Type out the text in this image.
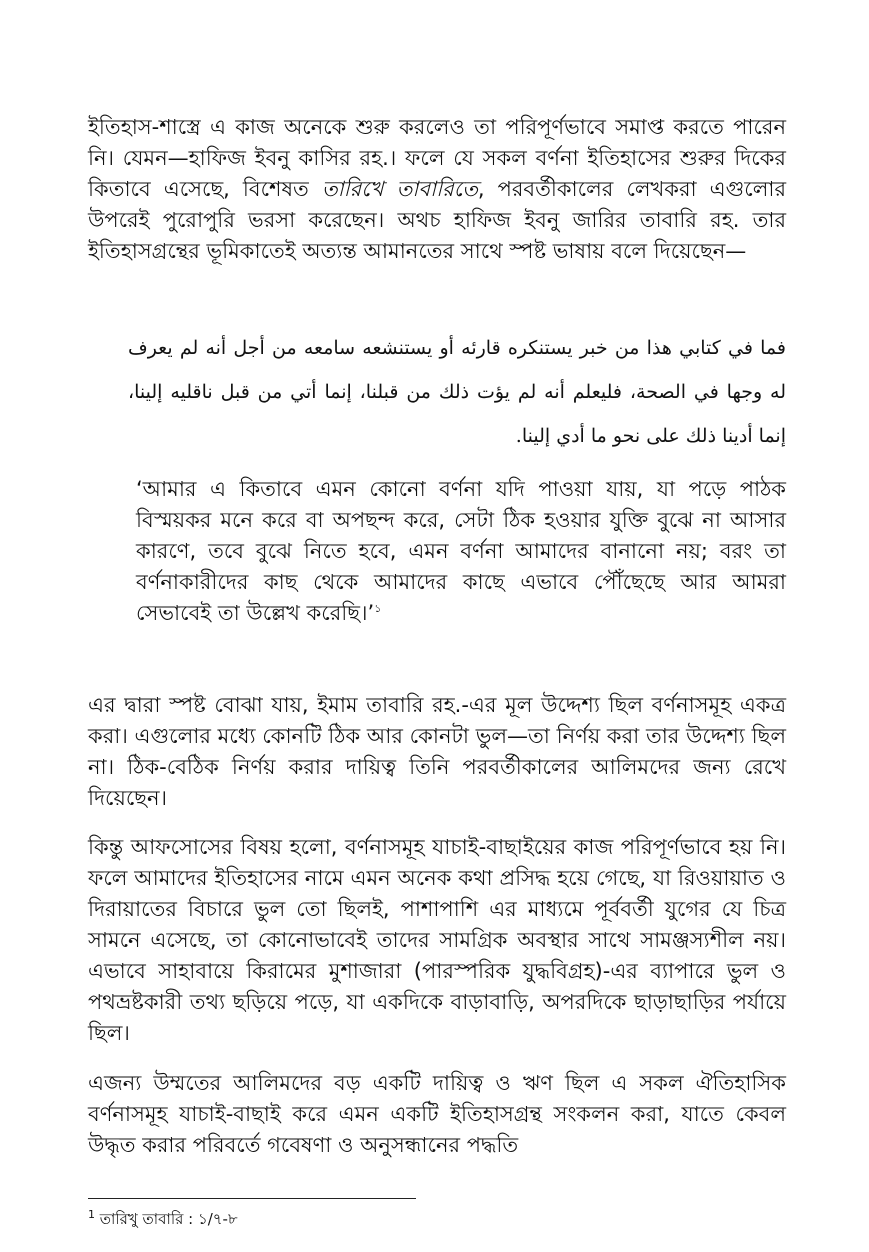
ইতিহাস-শাস্ত্রে এ কাজ অনেকে শুরু করলেও তা পরিপূর্ণভাবে সমাপ্ত করতে পারেন নি। যেমন—হাফিজ ইবনু কাসির রহ.। ফলে যে সকল বর্ণনা ইতিহাসের শুরুর দিকের কিতাবে এসেছে, বিশেষত তারিখে তাবারিতে, পরবর্তীকালের লেখকরা এগুলোর উপরেই পুরোপুরি ভরসা করেছেন। অথচ হাফিজ ইবনু জারির তাবারি রহ. তার ইতিহাসগ্রন্থের ভূমিকাতেই অত্যন্ত আমানতের সাথে স্পষ্ট ভাষায় বলে দিয়েছেন—

فما في كتابي هذا من خبر يستنكره قارئه أو يستنشعه سامعه من أجل أنه لم يعرف له وجها في الصحة، فليعلم أنه لم يؤت ذلك من قبلنا، إنما أتي من قبل ناقليه إلينا، إنما أدينا ذلك على نحو ما أدي إلينا.

‘আমার এ কিতাবে এমন কোনো বর্ণনা যদি পাওয়া যায়, যা পড়ে পাঠক বিস্ময়কর মনে করে বা অপছন্দ করে, সেটা ঠিক হওয়ার যুক্তি বুঝে না আসার কারণে, তবে বুঝে নিতে হবে, এমন বর্ণনা আমাদের বানানো নয়; বরং তা বর্ণনাকারীদের কাছ থেকে আমাদের কাছে এভাবে পৌঁছেছে আর আমরা সেভাবেই তা উল্লেখ করেছি।’$^১$

এর দ্বারা স্পষ্ট বোঝা যায়, ইমাম তাবারি রহ.-এর মূল উদ্দেশ্য ছিল বর্ণনাসমূহ একত্র করা। এগুলোর মধ্যে কোনটি ঠিক আর কোনটা ভুল—তা নির্ণয় করা তার উদ্দেশ্য ছিল না। ঠিক-বেঠিক নির্ণয় করার দায়িত্ব তিনি পরবর্তীকালের আলিমদের জন্য রেখে দিয়েছেন।

কিন্তু আফসোসের বিষয় হলো, বর্ণনাসমূহ যাচাই-বাছাইয়ের কাজ পরিপূর্ণভাবে হয় নি। ফলে আমাদের ইতিহাসের নামে এমন অনেক কথা প্রসিদ্ধ হয়ে গেছে, যা রিওয়ায়াত ও দিরায়াতের বিচারে ভুল তো ছিলই, পাশাপাশি এর মাধ্যমে পূর্ববর্তী যুগের যে চিত্র সামনে এসেছে, তা কোনোভাবেই তাদের সামগ্রিক অবস্থার সাথে সামঞ্জস্যশীল নয়। এভাবে সাহাবায়ে কিরামের মুশাজারা (পারস্পরিক যুদ্ধবিগ্রহ)-এর ব্যাপারে ভুল ও পথভ্রষ্টকারী তথ্য ছড়িয়ে পড়ে, যা একদিকে বাড়াবাড়ি, অপরদিকে ছাড়াছাড়ির পর্যায়ে ছিল।

এজন্য উম্মতের আলিমদের বড় একটি দায়িত্ব ও ঋণ ছিল এ সকল ঐতিহাসিক বর্ণনাসমূহ যাচাই-বাছাই করে এমন একটি ইতিহাসগ্রন্থ সংকলন করা, যাতে কেবল উদ্ধৃত করার পরিবর্তে গবেষণা ও অনুসন্ধানের পদ্ধতি

$^1$ তারিখু তাবারি : ১/৭-৮
